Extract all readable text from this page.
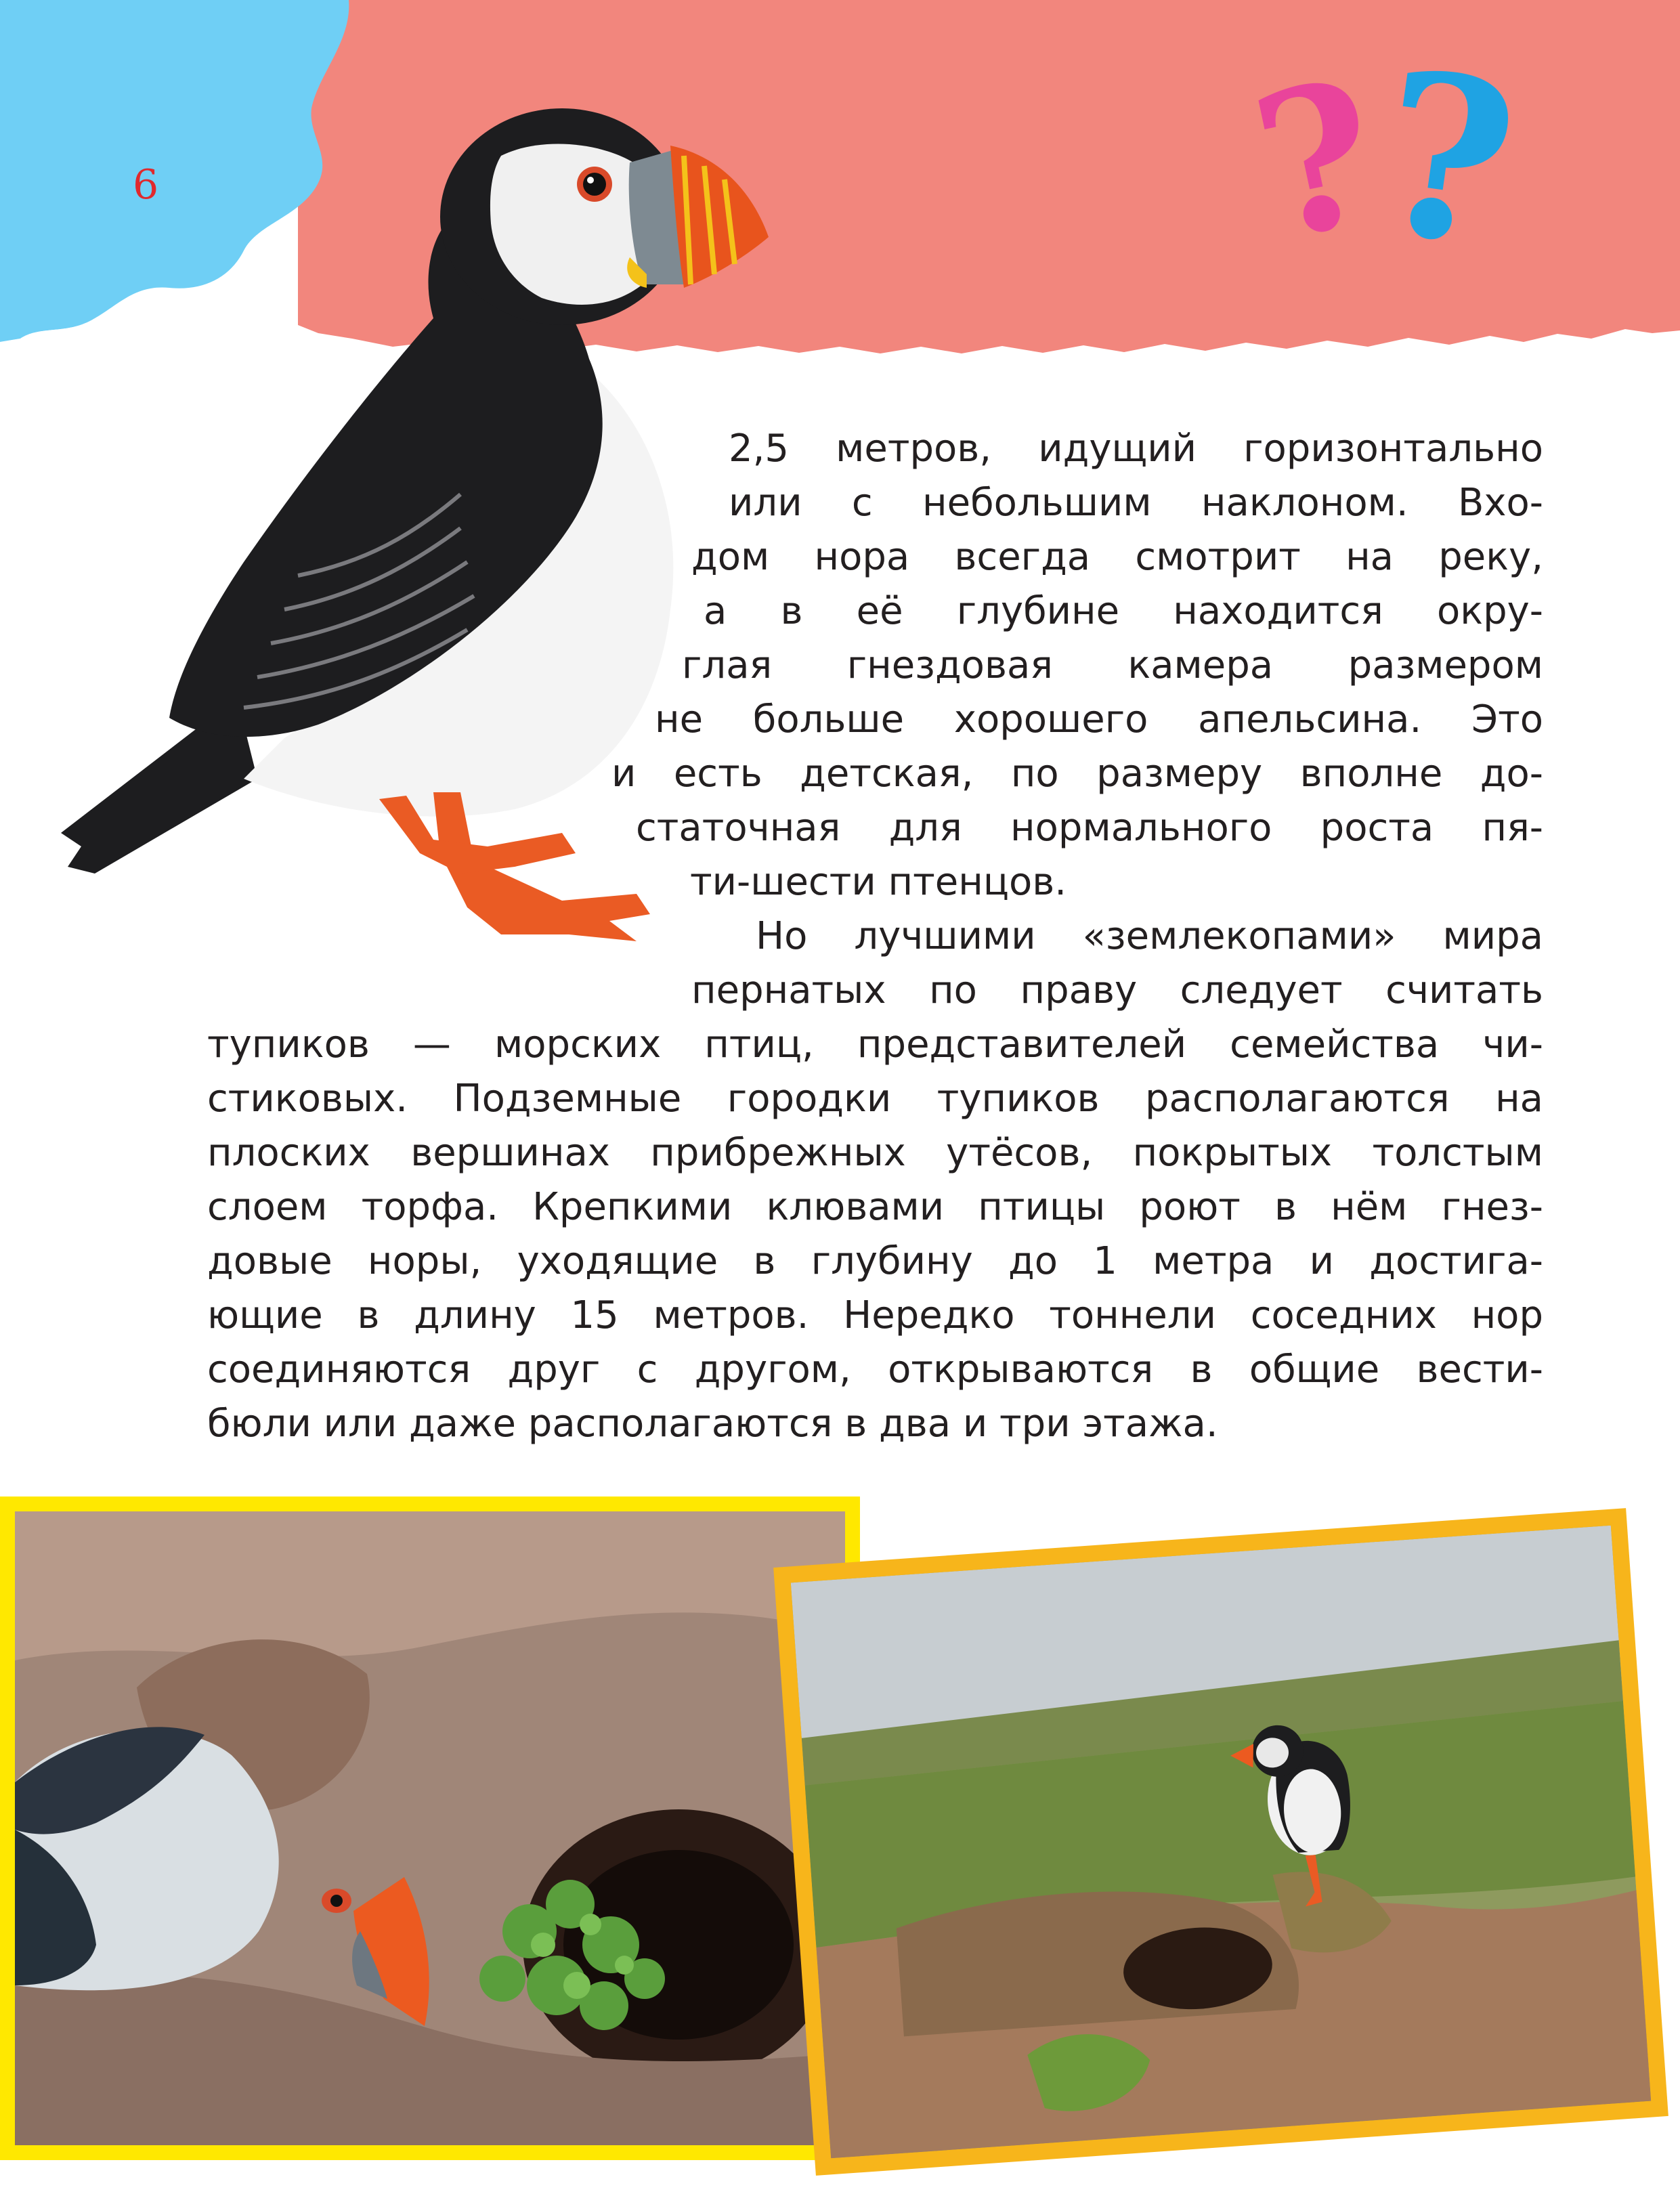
6	?
?
2,5 метров, идущий горизонтально
или с небольшим наклоном. Вхо-
дом нора всегда смотрит на реку,
а в её глубине находится окру-
глая гнездовая камера размером
не больше хорошего апельсина. Это
и есть детская, по размеру вполне до-
статочная для нормального роста пя-
ти-шести птенцов.
Но лучшими «землекопами» мира
пернатых по праву следует считать
тупиков — морских птиц, представителей семейства чи-
стиковых. Подземные городки тупиков располагаются на
плоских вершинах прибрежных утёсов, покрытых толстым
слоем торфа. Крепкими клювами птицы роют в нём гнез-
довые норы, уходящие в глубину до 1 метра и достига-
ющие в длину 15 метров. Нередко тоннели соседних нор
соединяются друг с другом, открываются в общие вести-
бюли или даже располагаются в два и три этажа.
